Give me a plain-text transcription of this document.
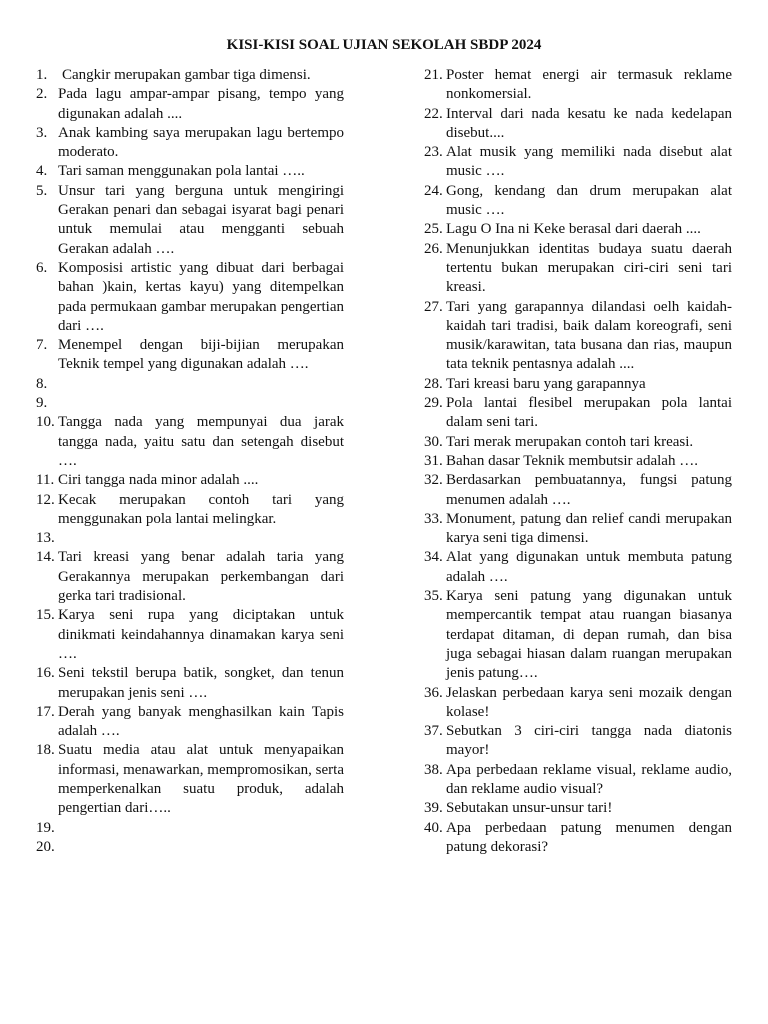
KISI-KISI SOAL UJIAN SEKOLAH SBDP 2024
1. Cangkir merupakan gambar tiga dimensi.
2. Pada lagu ampar-ampar pisang, tempo yang digunakan adalah ....
3. Anak kambing saya merupakan lagu bertempo moderato.
4. Tari saman menggunakan pola lantai …..
5. Unsur tari yang berguna untuk mengiringi Gerakan penari dan sebagai isyarat bagi penari untuk memulai atau mengganti sebuah Gerakan adalah ….
6. Komposisi artistic yang dibuat dari berbagai bahan )kain, kertas kayu) yang ditempelkan pada permukaan gambar merupakan pengertian dari ….
7. Menempel dengan biji-bijian merupakan Teknik tempel yang digunakan adalah ….
8.

9.

10. Tangga nada yang mempunyai dua jarak tangga nada, yaitu satu dan setengah disebut ….
11. Ciri tangga nada minor adalah ....
12. Kecak merupakan contoh tari yang menggunakan pola lantai melingkar.
13.

14. Tari kreasi yang benar adalah taria yang Gerakannya merupakan perkembangan dari gerka tari tradisional.
15. Karya seni rupa yang diciptakan untuk dinikmati keindahannya dinamakan karya seni ….
16. Seni tekstil berupa batik, songket, dan tenun merupakan jenis seni ….
17. Derah yang banyak menghasilkan kain Tapis adalah ….
18. Suatu media atau alat untuk menyapaikan informasi, menawarkan, mempromosikan, serta memperkenalkan suatu produk, adalah pengertian dari…..
19.

20.

21. Poster hemat energi air termasuk reklame nonkomersial.
22. Interval dari nada kesatu ke nada kedelapan disebut....
23. Alat musik yang memiliki nada disebut alat music ….
24. Gong, kendang dan drum merupakan alat music ….
25. Lagu O Ina ni Keke berasal dari daerah ....
26. Menunjukkan identitas budaya suatu daerah tertentu bukan merupakan ciri-ciri seni tari kreasi.
27. Tari yang garapannya dilandasi oelh kaidah-kaidah tari tradisi, baik dalam koreografi, seni musik/karawitan, tata busana dan rias, maupun tata teknik pentasnya adalah ....
28. Tari kreasi baru yang garapannya
29. Pola lantai flesibel merupakan pola lantai dalam seni tari.
30. Tari merak merupakan contoh tari kreasi.
31. Bahan dasar Teknik membutsir adalah ….
32. Berdasarkan pembuatannya, fungsi patung menumen adalah ….
33. Monument, patung dan relief candi merupakan karya seni tiga dimensi.
34. Alat yang digunakan untuk membuta patung adalah ….
35. Karya seni patung yang digunakan untuk mempercantik tempat atau ruangan biasanya terdapat ditaman, di depan rumah, dan bisa juga sebagai hiasan dalam ruangan merupakan jenis patung….
36. Jelaskan perbedaan karya seni mozaik dengan kolase!
37. Sebutkan 3 ciri-ciri tangga nada diatonis mayor!
38. Apa perbedaan reklame visual, reklame audio, dan reklame audio visual?
39. Sebutakan unsur-unsur tari!
40. Apa perbedaan patung menumen dengan patung dekorasi?
